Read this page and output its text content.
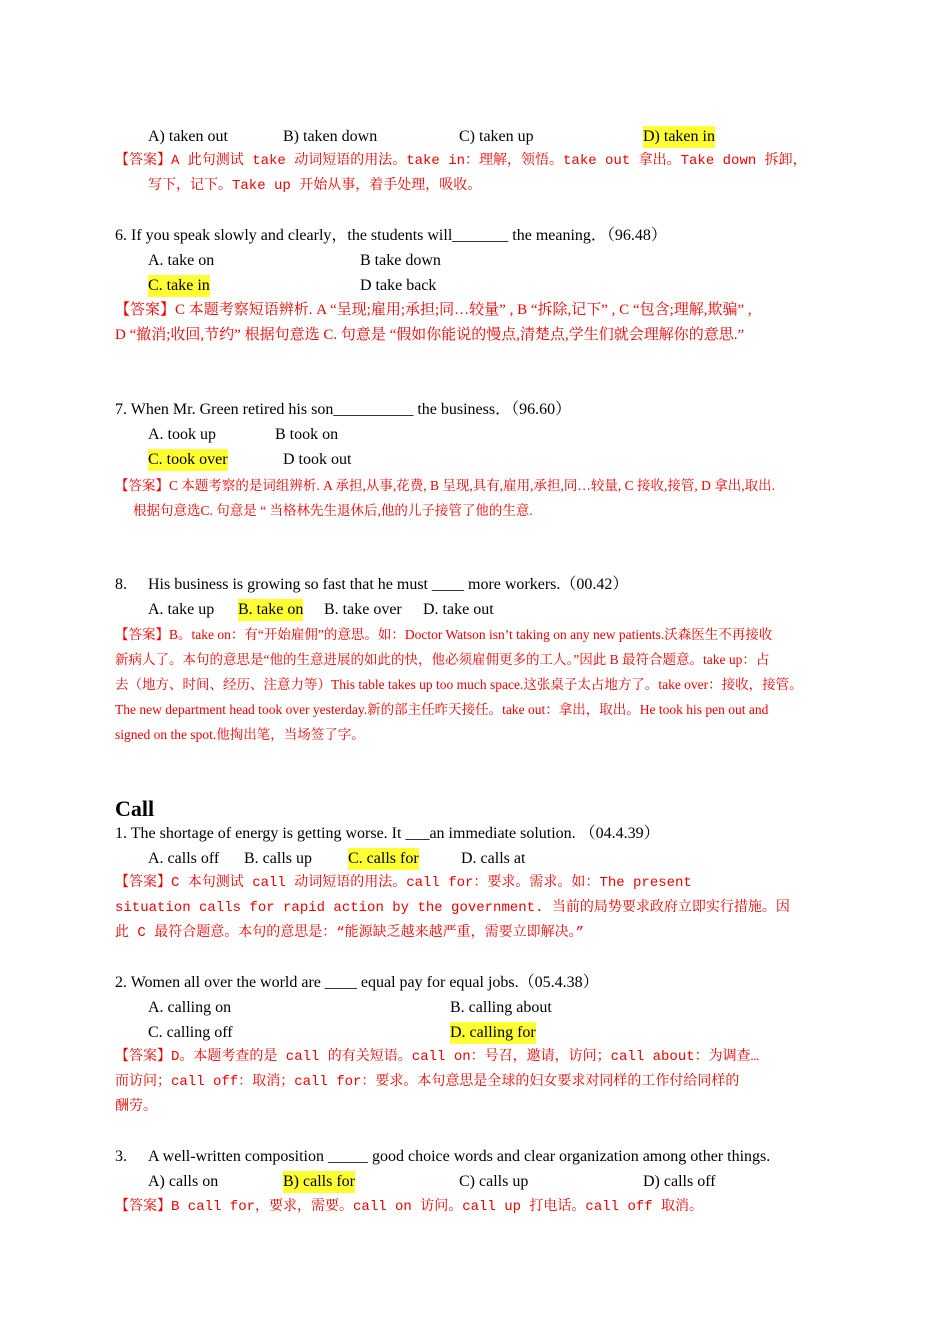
A) taken out	B) taken down	C) taken up	D) taken in
【答案】A 此句测试 take 动词短语的用法。take in：理解，领悟。take out 拿出。Take down 拆卸，
写下，记下。Take up 开始从事，着手处理，吸收。
6. If you speak slowly and clearly，the students will_______ the meaning．（96.48）
A. take on	B take down
C. take in	D take back
【答案】C 本题考察短语辨析. A “呈现;雇用;承担;同…较量” , B “拆除,记下” , C “包含;理解,欺骗” ,
D “撤消;收回,节约” 根据句意选 C. 句意是 “假如你能说的慢点,清楚点,学生们就会理解你的意思.”
7. When Mr. Green retired his son__________ the business．（96.60）
A. took up	B took on
C. took over	D took out
【答案】C 本题考察的是词组辨析. A 承担,从事,花费, B 呈现,具有,雇用,承担,同…较量, C 接收,接管, D 拿出,取出.
根据句意选C. 句意是 “ 当格林先生退休后,他的儿子接管了他的生意.
8. His business is growing so fast that he must ____ more workers.（00.42）
A. take up B. take on B. take over D. take out
【答案】B。take on：有“开始雇佣”的意思。如：Doctor Watson isn’t taking on any new patients.沃森医生不再接收
新病人了。本句的意思是“他的生意进展的如此的快，他必须雇佣更多的工人。”因此 B 最符合题意。take up：占
去（地方、时间、经历、注意力等）This table takes up too much space.这张桌子太占地方了。take over：接收，接管。
The new department head took over yesterday.新的部主任昨天接任。take out：拿出，取出。He took his pen out and
signed on the spot.他掏出笔，当场签了字。
Call
1. The shortage of energy is getting worse. It ___an immediate solution. （04.4.39）
A. calls off B. calls up C. calls for	D. calls at
【答案】C 本句测试 call 动词短语的用法。call for：要求。需求。如：The present
situation calls for rapid action by the government. 当前的局势要求政府立即实行措施。因
此 C 最符合题意。本句的意思是：“能源缺乏越来越严重，需要立即解决。”
2. Women all over the world are ____ equal pay for equal jobs.（05.4.38）
A. calling on	B. calling about
C. calling off	D. calling for
【答案】D。本题考查的是 call 的有关短语。call on：号召，邀请，访问；call about：为调查…
而访问；call off：取消；call for：要求。本句意思是全球的妇女要求对同样的工作付给同样的
酬劳。
3. A well-written composition _____ good choice words and clear organization among other things.
A) calls on	B) calls for	C) calls up	D) calls off
【答案】B call for，要求，需要。call on 访问。call up 打电话。call off 取消。
